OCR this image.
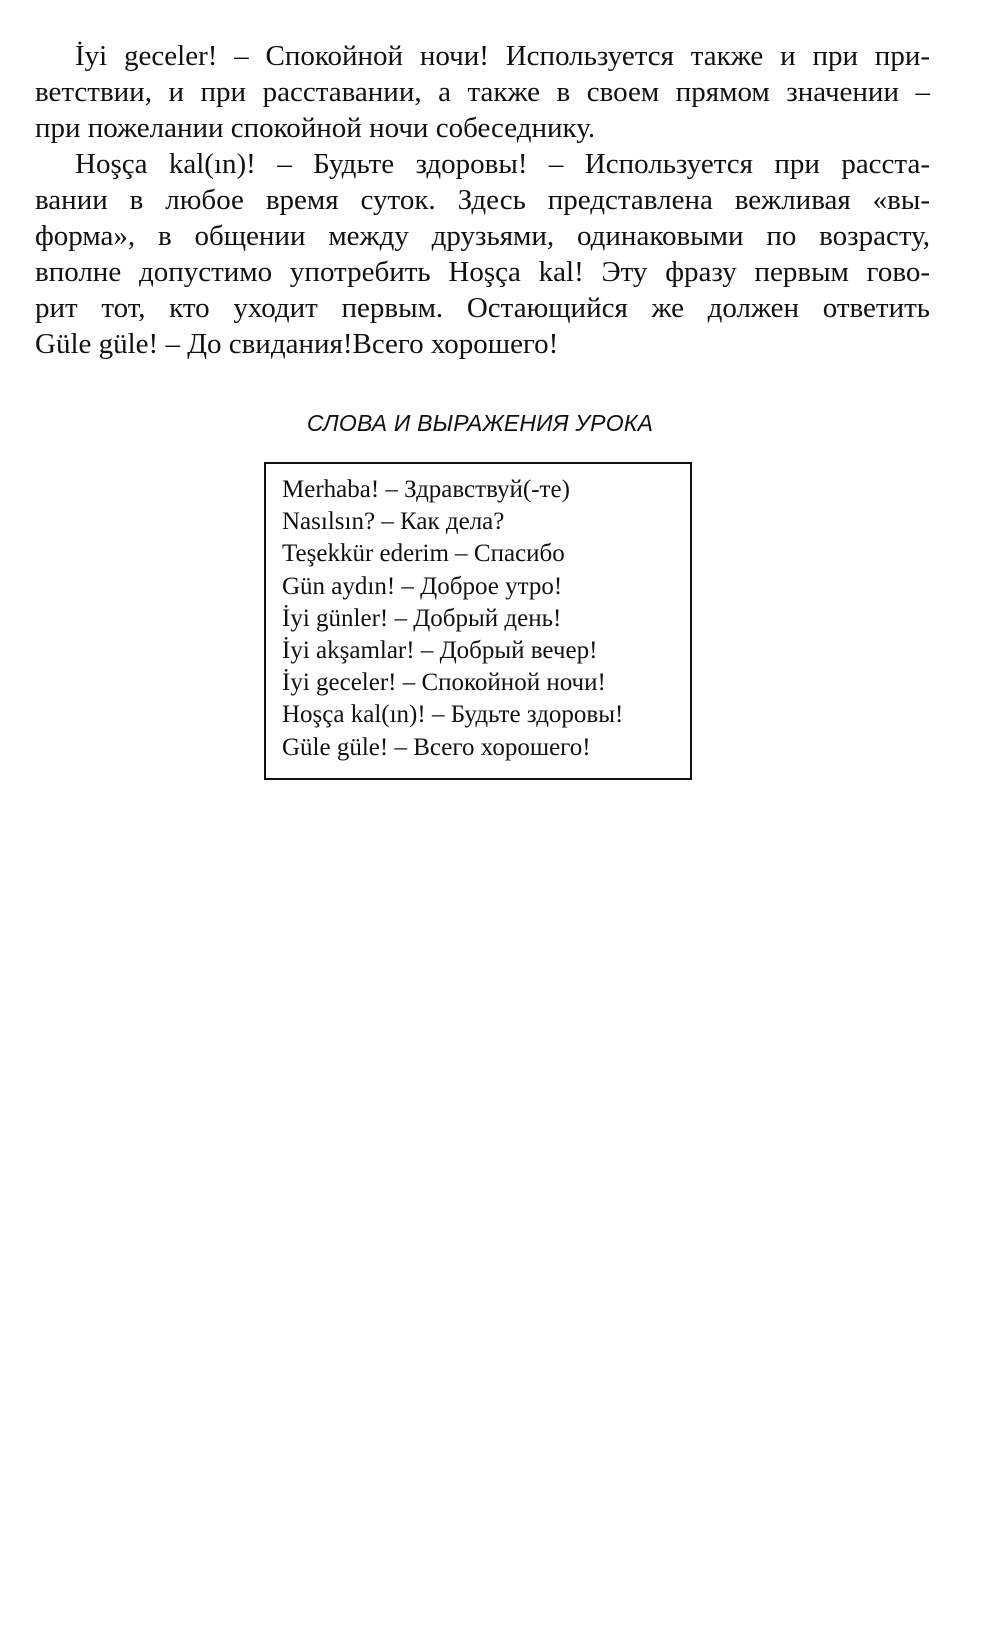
İyi geceler! – Спокойной ночи! Используется также и при при-
ветствии, и при расставании, а также в своем прямом значении –
при пожелании спокойной ночи собеседнику.

Hoşça kal(ın)! – Будьте здоровы! – Используется при расста-
вании в любое время суток. Здесь представлена вежливая «вы-
форма», в общении между друзьями, одинаковыми по возрасту,
вполне допустимо употребить Hoşça kal! Эту фразу первым гово-
рит тот, кто уходит первым. Остающийся же должен ответить
Güle güle! – До свидания!Всего хорошего!

СЛОВА И ВЫРАЖЕНИЯ УРОКА
Merhaba! – Здравствуй(-те)
Nasılsın? – Как дела?
Teşekkür ederim – Спасибо
Gün aydın! – Доброе утро!
İyi günler! – Добрый день!
İyi akşamlar! – Добрый вечер!
İyi geceler! – Спокойной ночи!
Hoşça kal(ın)! – Будьте здоровы!
Güle güle! – Всего хорошего!
